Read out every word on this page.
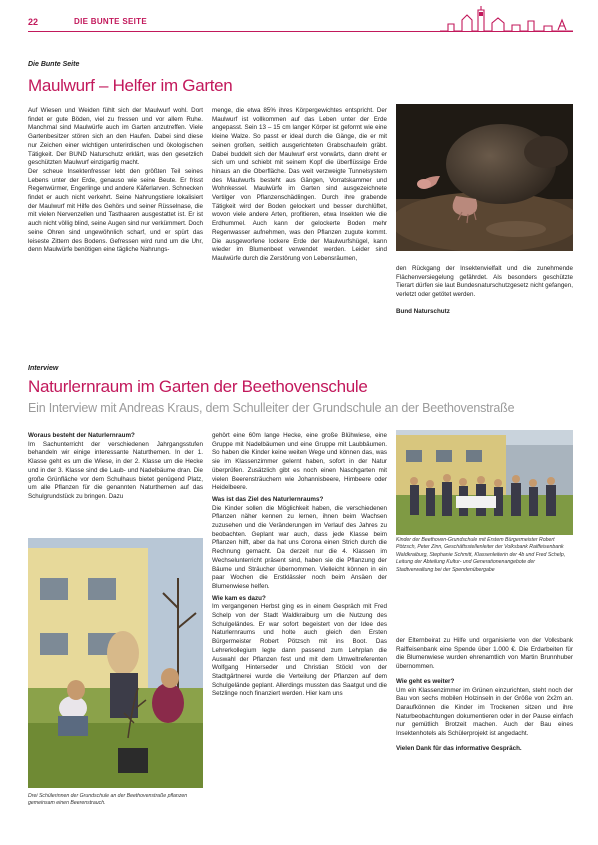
22	DIE BUNTE SEITE
Die Bunte Seite
Maulwurf – Helfer im Garten

Auf Wiesen und Weiden fühlt sich der Maulwurf wohl. Dort findet er gute Böden, viel zu fressen und vor allem Ruhe. Manchmal sind Maulwürfe auch im Garten anzutreffen. Viele Gartenbesitzer stören sich an den Haufen. Dabei sind diese nur Zeichen einer wichtigen unterirdischen und ökologischen Tätigkeit. Der BUND Naturschutz erklärt, was den gesetzlich geschützten Maulwurf einzigartig macht.

Der scheue Insektenfresser lebt den größten Teil seines Lebens unter der Erde, genauso wie seine Beute. Er frisst Regenwürmer, Engerlinge und andere Käferlarven. Schnecken findet er auch nicht verkehrt. Seine Nahrungstiere lokalisiert der Maulwurf mit Hilfe des Gehörs und seiner Rüsselnase, die mit vielen Nervenzellen und Tasthaaren ausgestattet ist. Er ist auch nicht völlig blind, seine Augen sind nur verkümmert. Doch seine Ohren sind ungewöhnlich scharf, und er spürt das leiseste Zittern des Bodens. Gefressen wird rund um die Uhr, denn Maulwürfe benötigen eine tägliche Nahrungs-

menge, die etwa 85% ihres Körpergewichtes entspricht. Der Maulwurf ist vollkommen auf das Leben unter der Erde angepasst. Sein 13 – 15 cm langer Körper ist geformt wie eine kleine Walze. So passt er ideal durch die Gänge, die er mit seinen großen, seitlich ausgerichteten Grabschaufeln gräbt. Dabei buddelt sich der Maulwurf erst vorwärts, dann dreht er sich um und schiebt mit seinem Kopf die überflüssige Erde hinaus an die Oberfläche. Das weit verzweigte Tunnelsystem des Maulwurfs besteht aus Gängen, Vorratskammer und Wohnkessel. Maulwürfe im Garten sind ausgezeichnete Vertilger von Pflanzenschädlingen. Durch ihre grabende Tätigkeit wird der Boden gelockert und besser durchlüftet, wovon viele andere Arten, profitieren, etwa Insekten wie die Erdhummel. Auch kann der gelockerte Boden mehr Regenwasser aufnehmen, was den Pflanzen zugute kommt. Die ausgeworfene lockere Erde der Maulwurfshügel, kann wieder im Blumenbeet verwendet werden. Leider sind Maulwürfe durch die Zerstörung von Lebensräumen,

den Rückgang der Insektenvielfalt und die zunehmende Flächenversiegelung gefährdet. Als besonders geschützte Tierart dürfen sie laut Bundesnaturschutzgesetz nicht gefangen, verletzt oder getötet werden.

Bund Naturschutz

Interview
Naturlernraum im Garten der Beethovenschule
Ein Interview mit Andreas Kraus, dem Schulleiter der Grundschule an der Beethovenstraße

Woraus besteht der Naturlernraum?

Im Sachunterricht der verschiedenen Jahrgangsstufen behandeln wir einige interessante Naturthemen. In der 1. Klasse geht es um die Wiese, in der 2. Klasse um die Hecke und in der 3. Klasse sind die Laub- und Nadelbäume dran. Die große Grünfläche vor dem Schulhaus bietet genügend Platz, um alle Pflanzen für die genannten Naturthemen auf das Schulgrundstück zu bringen. Dazu

Drei Schülerinnen der Grundschule an der Beethovenstraße pflanzen gemeinsam einen Beerenstrauch.

gehört eine 60m lange Hecke, eine große Blühwiese, eine Gruppe mit Nadelbäumen und eine Gruppe mit Laubbäumen. So haben die Kinder keine weiten Wege und können das, was sie im Klassenzimmer gelernt haben, sofort in der Natur überprüfen. Zusätzlich gibt es noch einen Naschgarten mit vielen Beerensträuchern wie Johannisbeere, Himbeere oder Heidelbeere.

Was ist das Ziel des Naturlernraums?

Die Kinder sollen die Möglichkeit haben, die verschiedenen Pflanzen näher kennen zu lernen, ihnen beim Wachsen zuzusehen und die Veränderungen im Verlauf des Jahres zu beobachten. Geplant war auch, dass jede Klasse beim Pflanzen hilft, aber da hat uns Corona einen Strich durch die Rechnung gemacht. Da derzeit nur die 4. Klassen im Wechselunterricht präsent sind, haben sie die Pflanzung der Bäume und Sträucher übernommen. Vielleicht können in ein paar Wochen die Erstklässler noch beim Ansäen der Blumenwiese helfen.

Wie kam es dazu?

Im vergangenen Herbst ging es in einem Gespräch mit Fred Schelp von der Stadt Waldkraiburg um die Nutzung des Schulgeländes. Er war sofort begeistert von der Idee des Naturlernraums und holte auch gleich den Ersten Bürgermeister Robert Pötzsch mit ins Boot. Das Lehrerkollegium legte dann passend zum Lehrplan die Auswahl der Pflanzen fest und mit dem Umweltreferenten Wolfgang Hinterseder und Christian Stöckl von der Stadtgärtnerei wurde die Verteilung der Pflanzen auf dem Schulgelände geplant. Allerdings mussten das Saatgut und die Setzlinge noch finanziert werden. Hier kam uns

Kinder der Beethoven-Grundschule mit Erstem Bürgermeister Robert Pötzsch, Peter Zinn, Geschäftsstellenleiter der Volksbank Raiffeisenbank Waldkraiburg, Stephanie Schmitt, Klassenleiterin der 4b und Fred Schelp, Leitung der Abteilung Kultur- und Generationenangebote der Stadtverwaltung bei der Spendenübergabe

der Elternbeirat zu Hilfe und organisierte von der Volksbank Raiffeisenbank eine Spende über 1.000 €. Die Erdarbeiten für die Blumenwiese wurden ehrenamtlich von Martin Brunnhuber übernommen.

Wie geht es weiter?

Um ein Klassenzimmer im Grünen einzurichten, steht noch der Bau von sechs mobilen Holzinseln in der Größe von 2x2m an. Daraufkönnen die Kinder im Trockenen sitzen und ihre Naturbeobachtungen dokumentieren oder in der Pause einfach nur gemütlich Brotzeit machen. Auch der Bau eines Insektenhotels als Schülerprojekt ist angedacht.

Vielen Dank für das informative Gespräch.
